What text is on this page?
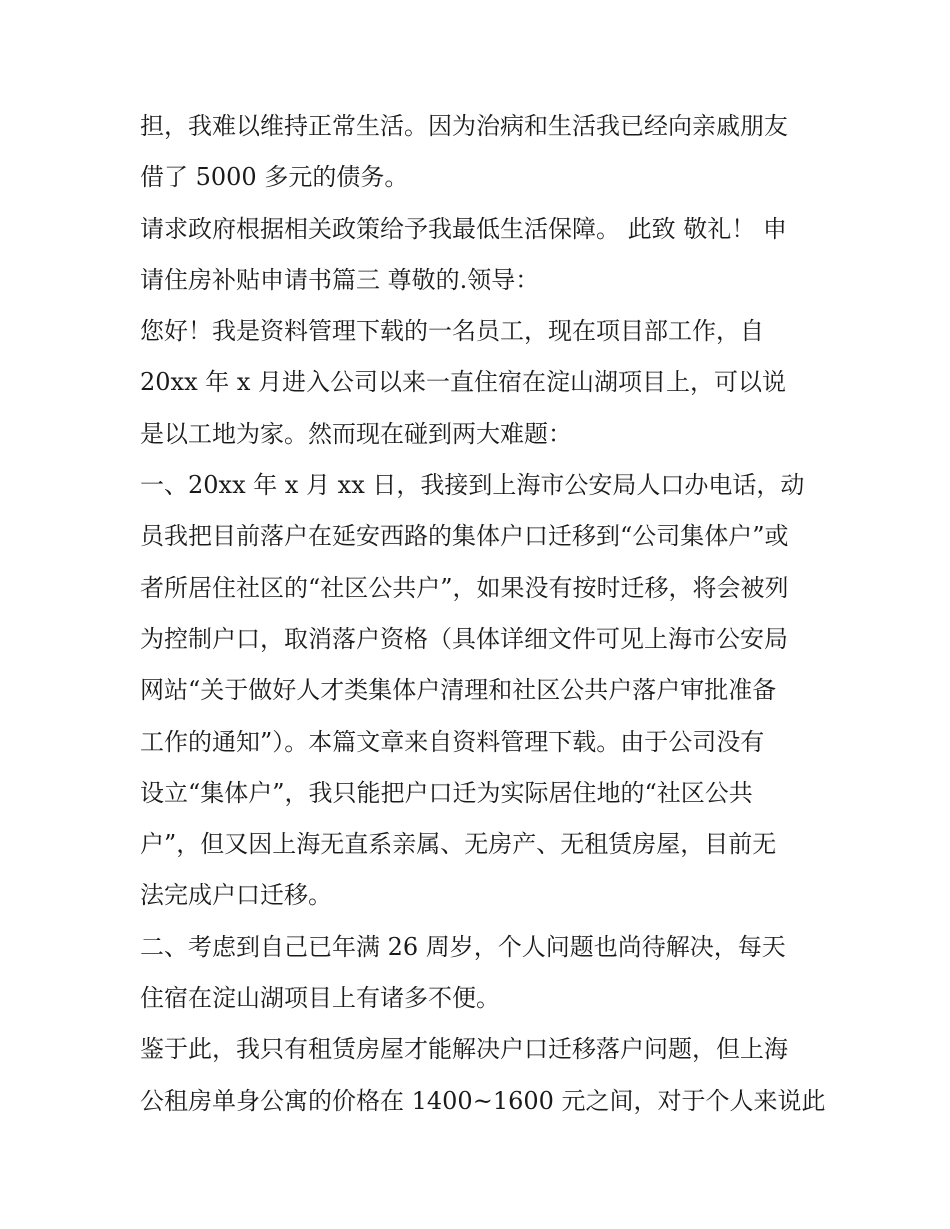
担，我难以维持正常生活。因为治病和生活我已经向亲戚朋友
借了 5000 多元的债务。
请求政府根据相关政策给予我最低生活保障。 此致 敬礼！ 申
请住房补贴申请书篇三 尊敬的.领导：
您好！我是资料管理下载的一名员工，现在项目部工作，自
20xx 年 x 月进入公司以来一直住宿在淀山湖项目上，可以说
是以工地为家。然而现在碰到两大难题：
一、20xx 年 x 月 xx 日，我接到上海市公安局人口办电话，动
员我把目前落户在延安西路的集体户口迁移到“公司集体户”或
者所居住社区的“社区公共户”，如果没有按时迁移，将会被列
为控制户口，取消落户资格（具体详细文件可见上海市公安局
网站“关于做好人才类集体户清理和社区公共户落户审批准备
工作的通知”）。本篇文章来自资料管理下载。由于公司没有
设立“集体户”，我只能把户口迁为实际居住地的“社区公共
户”，但又因上海无直系亲属、无房产、无租赁房屋，目前无
法完成户口迁移。
二、考虑到自己已年满 26 周岁，个人问题也尚待解决，每天
住宿在淀山湖项目上有诸多不便。
鉴于此，我只有租赁房屋才能解决户口迁移落户问题，但上海
公租房单身公寓的价格在 1400~1600 元之间，对于个人来说此
